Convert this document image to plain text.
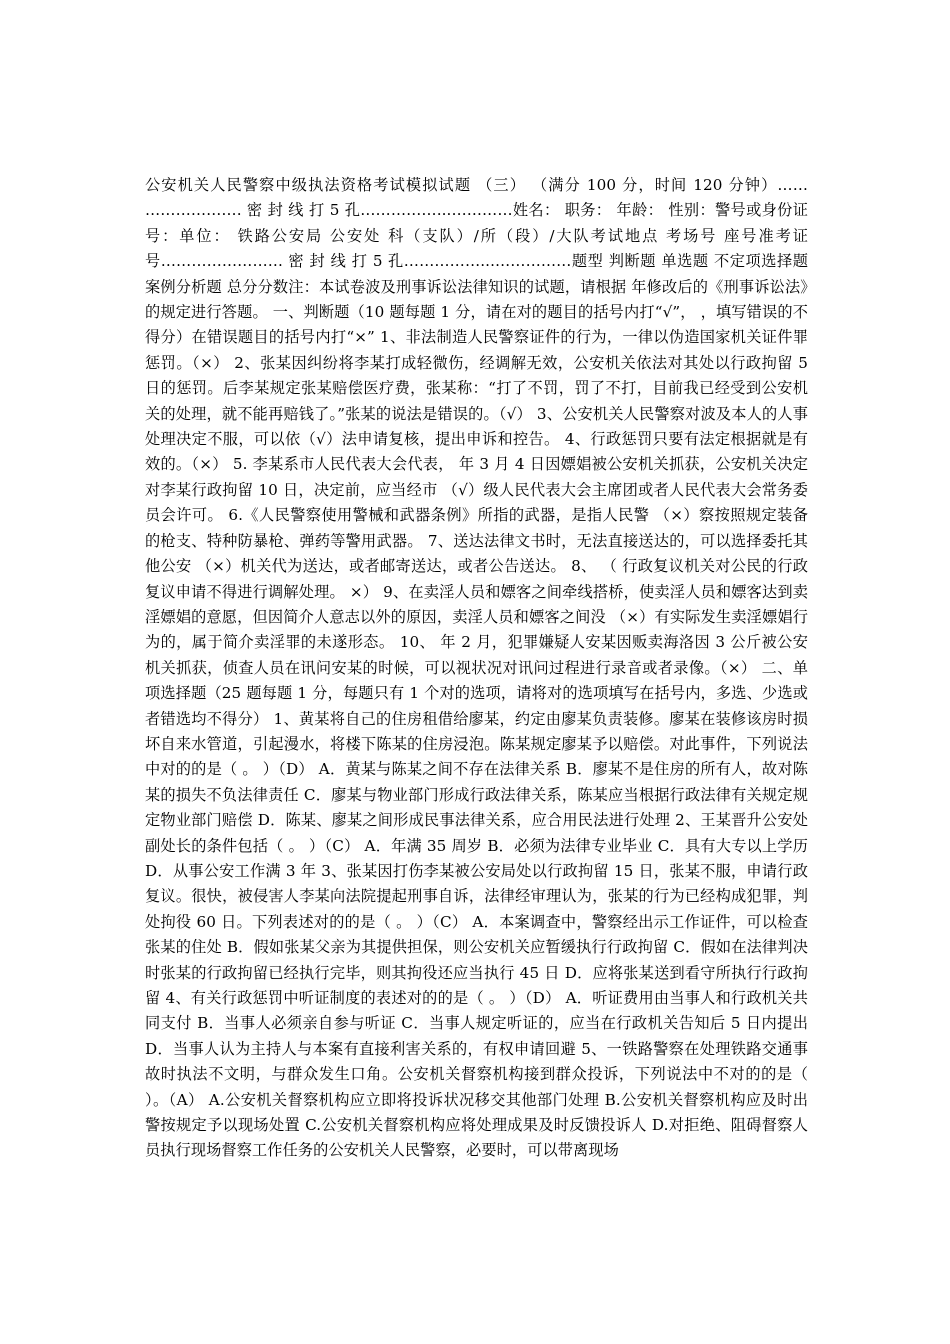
公安机关人民警察中级执法资格考试模拟试题 （三） （满分 100 分，时间 120 分钟）…… ………………. 密 封 线 打 5 孔……………...…………姓名： 职务： 年龄： 性别：警号或身份证号：单位： 铁路公安局 公安处 科（支队）/所（段）/大队考试地点 考场号 座号准考证号…………………… 密 封 线 打 5 孔……………...……………题型 判断题 单选题 不定项选择题 案例分析题 总分分数注：本试卷波及刑事诉讼法律知识的试题，请根据 年修改后的《刑事诉讼法》的规定进行答题。 一、判断题（10 题每题 1 分，请在对的题目的括号内打“√”， ，填写错误的不得分）在错误题目的括号内打“×” 1、非法制造人民警察证件的行为，一律以伪造国家机关证件罪惩罚。（×） 2、张某因纠纷将李某打成轻微伤，经调解无效，公安机关依法对其处以行政拘留 5 日的惩罚。后李某规定张某赔偿医疗费，张某称：“打了不罚，罚了不打，目前我已经受到公安机关的处理，就不能再赔钱了。”张某的说法是错误的。（√） 3、公安机关人民警察对波及本人的人事处理决定不服，可以依（√）法申请复核，提出申诉和控告。 4、行政惩罚只要有法定根据就是有效的。（×） 5. 李某系市人民代表大会代表， 年 3 月 4 日因嫖娼被公安机关抓获，公安机关决定对李某行政拘留 10 日，决定前，应当经市 （√）级人民代表大会主席团或者人民代表大会常务委员会许可。 6.《人民警察使用警械和武器条例》所指的武器，是指人民警 （×）察按照规定装备的枪支、特种防暴枪、弹药等警用武器。 7、送达法律文书时，无法直接送达的，可以选择委托其他公安 （×）机关代为送达，或者邮寄送达，或者公告送达。 8、 （ 行政复议机关对公民的行政复议申请不得进行调解处理。 ×） 9、在卖淫人员和嫖客之间牵线搭桥，使卖淫人员和嫖客达到卖淫嫖娼的意愿，但因简介人意志以外的原因，卖淫人员和嫖客之间没 （×）有实际发生卖淫嫖娼行为的，属于简介卖淫罪的未遂形态。 10、 年 2 月，犯罪嫌疑人安某因贩卖海洛因 3 公斤被公安机关抓获，侦查人员在讯问安某的时候，可以视状况对讯问过程进行录音或者录像。（×） 二、单项选择题（25 题每题 1 分，每题只有 1 个对的选项，请将对的选项填写在括号内，多选、少选或者错选均不得分） 1、黄某将自己的住房租借给廖某，约定由廖某负责装修。廖某在装修该房时损坏自来水管道，引起漫水，将楼下陈某的住房浸泡。陈某规定廖某予以赔偿。对此事件，下列说法中对的的是（ 。 ）（D） A．黄某与陈某之间不存在法律关系 B．廖某不是住房的所有人，故对陈某的损失不负法律责任 C．廖某与物业部门形成行政法律关系，陈某应当根据行政法律有关规定规定物业部门赔偿 D．陈某、廖某之间形成民事法律关系，应合用民法进行处理 2、王某晋升公安处副处长的条件包括（ 。 ）（C） A．年满 35 周岁 B．必须为法律专业毕业 C．具有大专以上学历 D．从事公安工作满 3 年 3、张某因打伤李某被公安局处以行政拘留 15 日，张某不服，申请行政复议。很快，被侵害人李某向法院提起刑事自诉，法律经审理认为，张某的行为已经构成犯罪，判处拘役 60 日。下列表述对的的是（ 。 ）（C） A．本案调查中，警察经出示工作证件，可以检查张某的住处 B．假如张某父亲为其提供担保，则公安机关应暂缓执行行政拘留 C．假如在法律判决时张某的行政拘留已经执行完毕，则其拘役还应当执行 45 日 D．应将张某送到看守所执行行政拘留 4、有关行政惩罚中听证制度的表述对的的是（ 。 ）（D） A．听证费用由当事人和行政机关共同支付 B．当事人必须亲自参与听证 C．当事人规定听证的，应当在行政机关告知后 5 日内提出 D．当事人认为主持人与本案有直接利害关系的，有权申请回避 5、一铁路警察在处理铁路交通事故时执法不文明，与群众发生口角。公安机关督察机构接到群众投诉，下列说法中不对的的是（ ）。（A） A.公安机关督察机构应立即将投诉状况移交其他部门处理 B.公安机关督察机构应及时出警按规定予以现场处置 C.公安机关督察机构应将处理成果及时反馈投诉人 D.对拒绝、阻碍督察人员执行现场督察工作任务的公安机关人民警察，必要时，可以带离现场
